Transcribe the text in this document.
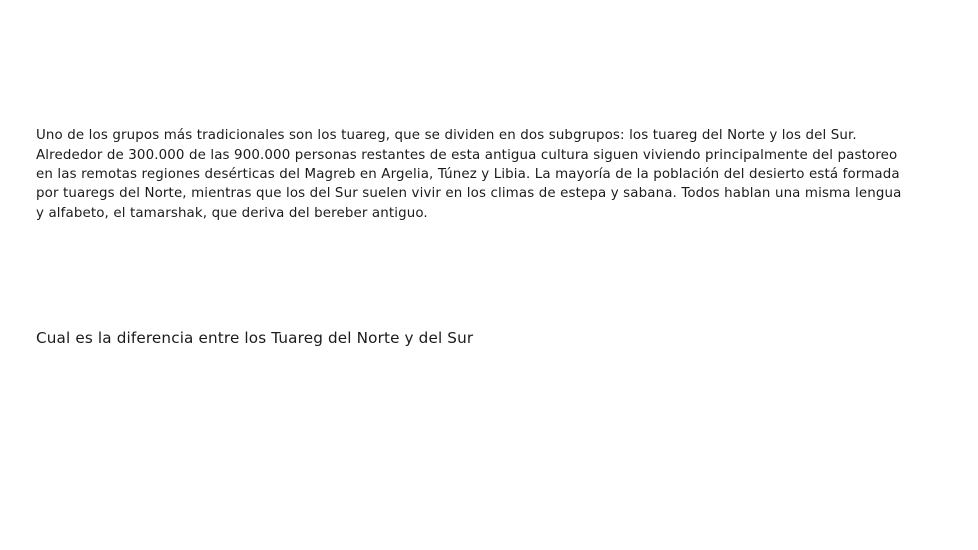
Uno de los grupos más tradicionales son los tuareg, que se dividen en dos subgrupos: los tuareg del Norte y los del Sur. Alrededor de 300.000 de las 900.000 personas restantes de esta antigua cultura siguen viviendo principalmente del pastoreo en las remotas regiones desérticas del Magreb en Argelia, Túnez y Libia. La mayoría de la población del desierto está formada por tuaregs del Norte, mientras que los del Sur suelen vivir en los climas de estepa y sabana. Todos hablan una misma lengua y alfabeto, el tamarshak, que deriva del bereber antiguo.

Cual es la diferencia entre los Tuareg del Norte y del Sur
